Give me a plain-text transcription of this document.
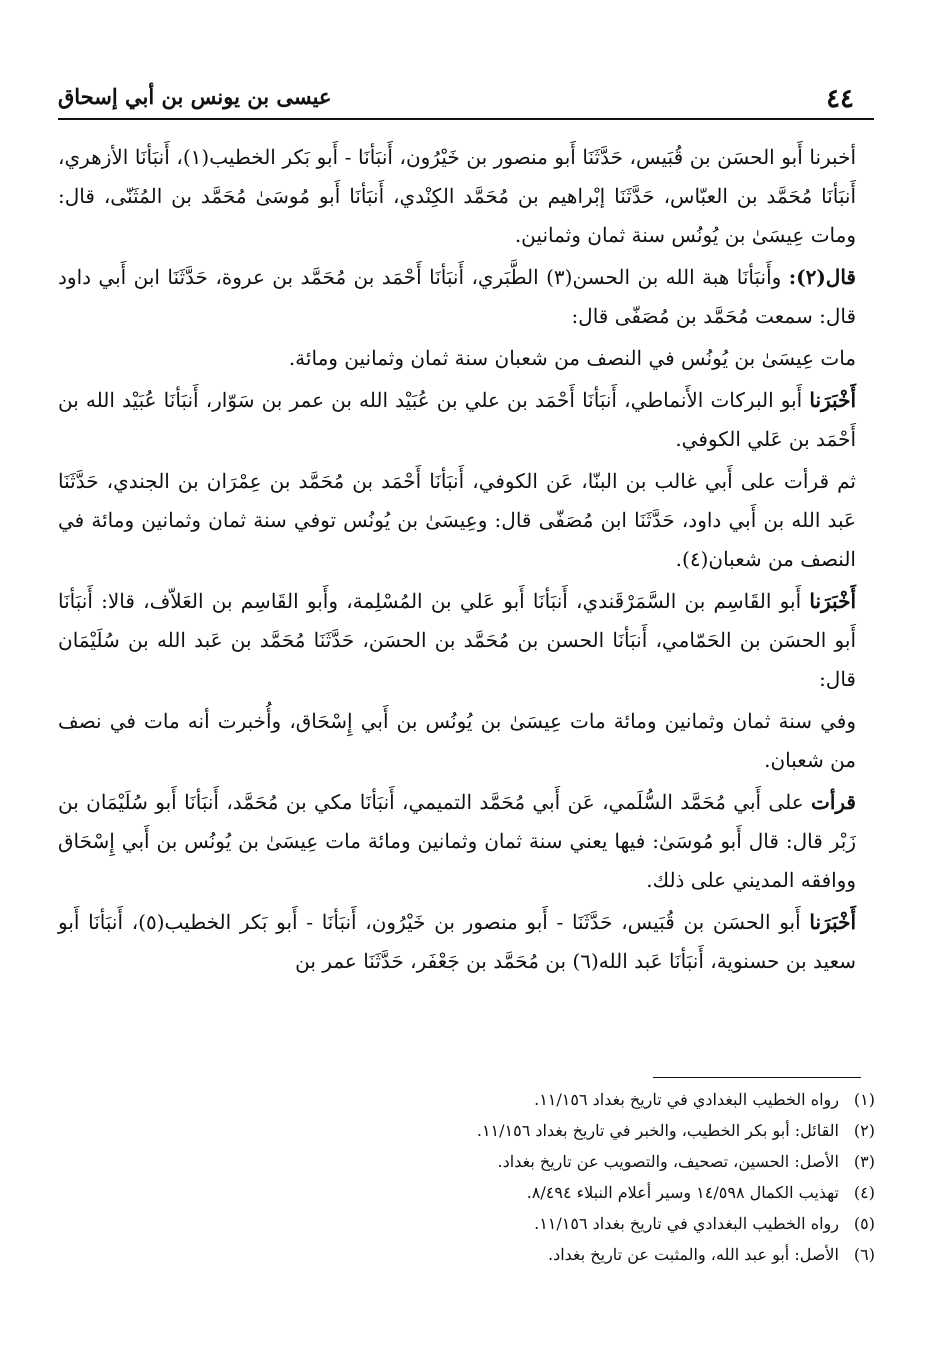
٤٤
عيسى بن يونس بن أبي إسحاق

أخبرنا أَبو الحسَن بن قُبَيس، حَدَّثَنَا أَبو منصور بن خَيْرُون، أَنبَأنَا - أَبو بَكر الخطيب(١)، أَنبَأنَا الأزهري، أَنبَأنَا مُحَمَّد بن العبّاس، حَدَّثَنَا إبْراهيم بن مُحَمَّد الكِنْدي، أَنبَأنَا أَبو مُوسَىٰ مُحَمَّد بن المُثَنّى، قال: ومات عِيسَىٰ بن يُونُس سنة ثمان وثمانين.

قال(٢): وأَنبَأنَا هبة الله بن الحسن(٣) الطَّبَري، أَنبَأنَا أَحْمَد بن مُحَمَّد بن عروة، حَدَّثَنَا ابن أَبي داود قال: سمعت مُحَمَّد بن مُصَفّى قال:

مات عِيسَىٰ بن يُونُس في النصف من شعبان سنة ثمان وثمانين ومائة.

أَخْبَرَنا أَبو البركات الأَنماطي، أَنبَأنَا أَحْمَد بن علي بن عُبَيْد الله بن عمر بن سَوّار، أَنبَأنَا عُبَيْد الله بن أَحْمَد بن عَلي الكوفي.

ثم قرأت على أَبي غالب بن البنّا، عَن الكوفي، أَنبَأنَا أَحْمَد بن مُحَمَّد بن عِمْرَان بن الجندي، حَدَّثَنَا عَبد الله بن أَبي داود، حَدَّثَنَا ابن مُصَفّى قال: وعِيسَىٰ بن يُونُس توفي سنة ثمان وثمانين ومائة في النصف من شعبان(٤).

أَخْبَرَنا أَبو القَاسِم بن السَّمَرْقَندي، أَنبَأنَا أَبو عَلي بن المُسْلِمة، وأَبو القَاسِم بن العَلاّف، قالا: أَنبَأنَا أَبو الحسَن بن الحَمّامي، أَنبَأنَا الحسن بن مُحَمَّد بن الحسَن، حَدَّثَنَا مُحَمَّد بن عَبد الله بن سُلَيْمَان قال:

وفي سنة ثمان وثمانين ومائة مات عِيسَىٰ بن يُونُس بن أَبي إِسْحَاق، وأُخبرت أنه مات في نصف من شعبان.

قرأت على أَبي مُحَمَّد السُّلَمي، عَن أَبي مُحَمَّد التميمي، أَنبَأنَا مكي بن مُحَمَّد، أَنبَأنَا أَبو سُلَيْمَان بن زَبْر قال: قال أَبو مُوسَىٰ: فيها يعني سنة ثمان وثمانين ومائة مات عِيسَىٰ بن يُونُس بن أَبي إِسْحَاق ووافقه المديني على ذلك.

أَخْبَرَنا أَبو الحسَن بن قُبَيس، حَدَّثَنَا - أَبو منصور بن خَيْرُون، أَنبَأنَا - أَبو بَكر الخطيب(٥)، أَنبَأنَا أَبو سعيد بن حسنوية، أَنبَأنَا عَبد الله(٦) بن مُحَمَّد بن جَعْفَر، حَدَّثَنَا عمر بن

(١)
رواه الخطيب البغدادي في تاريخ بغداد ١١/١٥٦.
(٢)
القائل: أبو بكر الخطيب، والخبر في تاريخ بغداد ١١/١٥٦.
(٣)
الأصل: الحسين، تصحيف، والتصويب عن تاريخ بغداد.
(٤)
تهذيب الكمال ١٤/٥٩٨ وسير أعلام النبلاء ٨/٤٩٤.
(٥)
رواه الخطيب البغدادي في تاريخ بغداد ١١/١٥٦.
(٦)
الأصل: أبو عبد الله، والمثبت عن تاريخ بغداد.
